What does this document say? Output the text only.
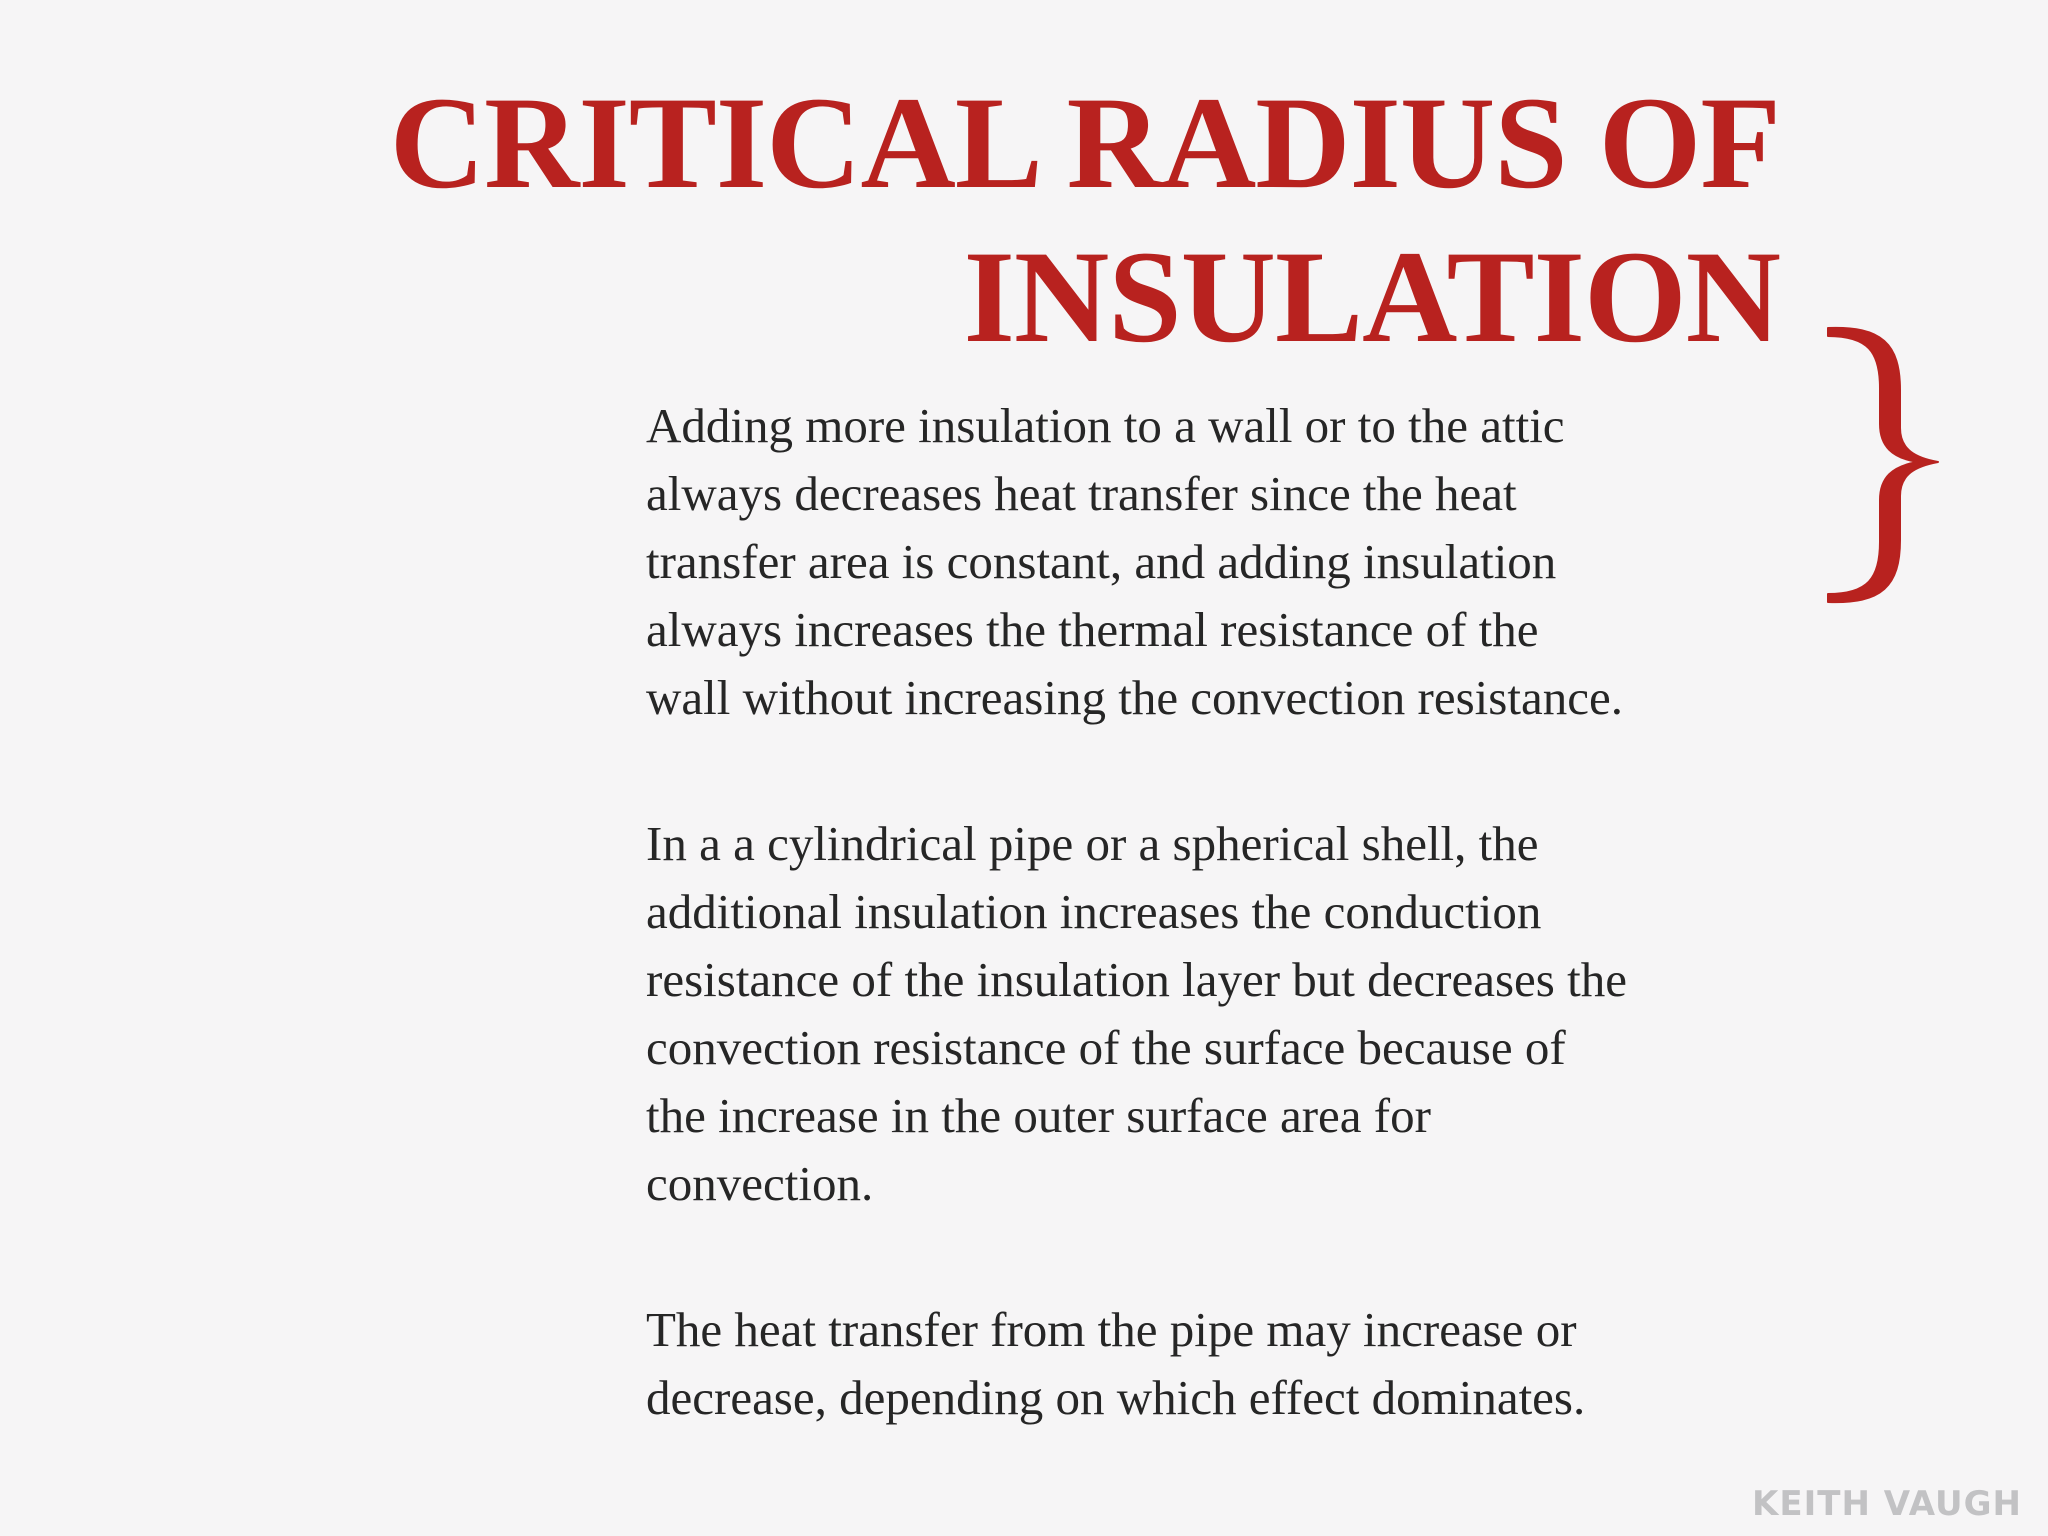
CRITICAL RADIUS OF
INSULATION

Adding more insulation to a wall or to the attic
always decreases heat transfer since the heat
transfer area is constant, and adding insulation
always increases the thermal resistance of the
wall without increasing the convection resistance.

In a a cylindrical pipe or a spherical shell, the
additional insulation increases the conduction
resistance of the insulation layer but decreases the
convection resistance of the surface because of
the increase in the outer surface area for
convection.

The heat transfer from the pipe may increase or
decrease, depending on which effect dominates.

KEITH VAUGH
